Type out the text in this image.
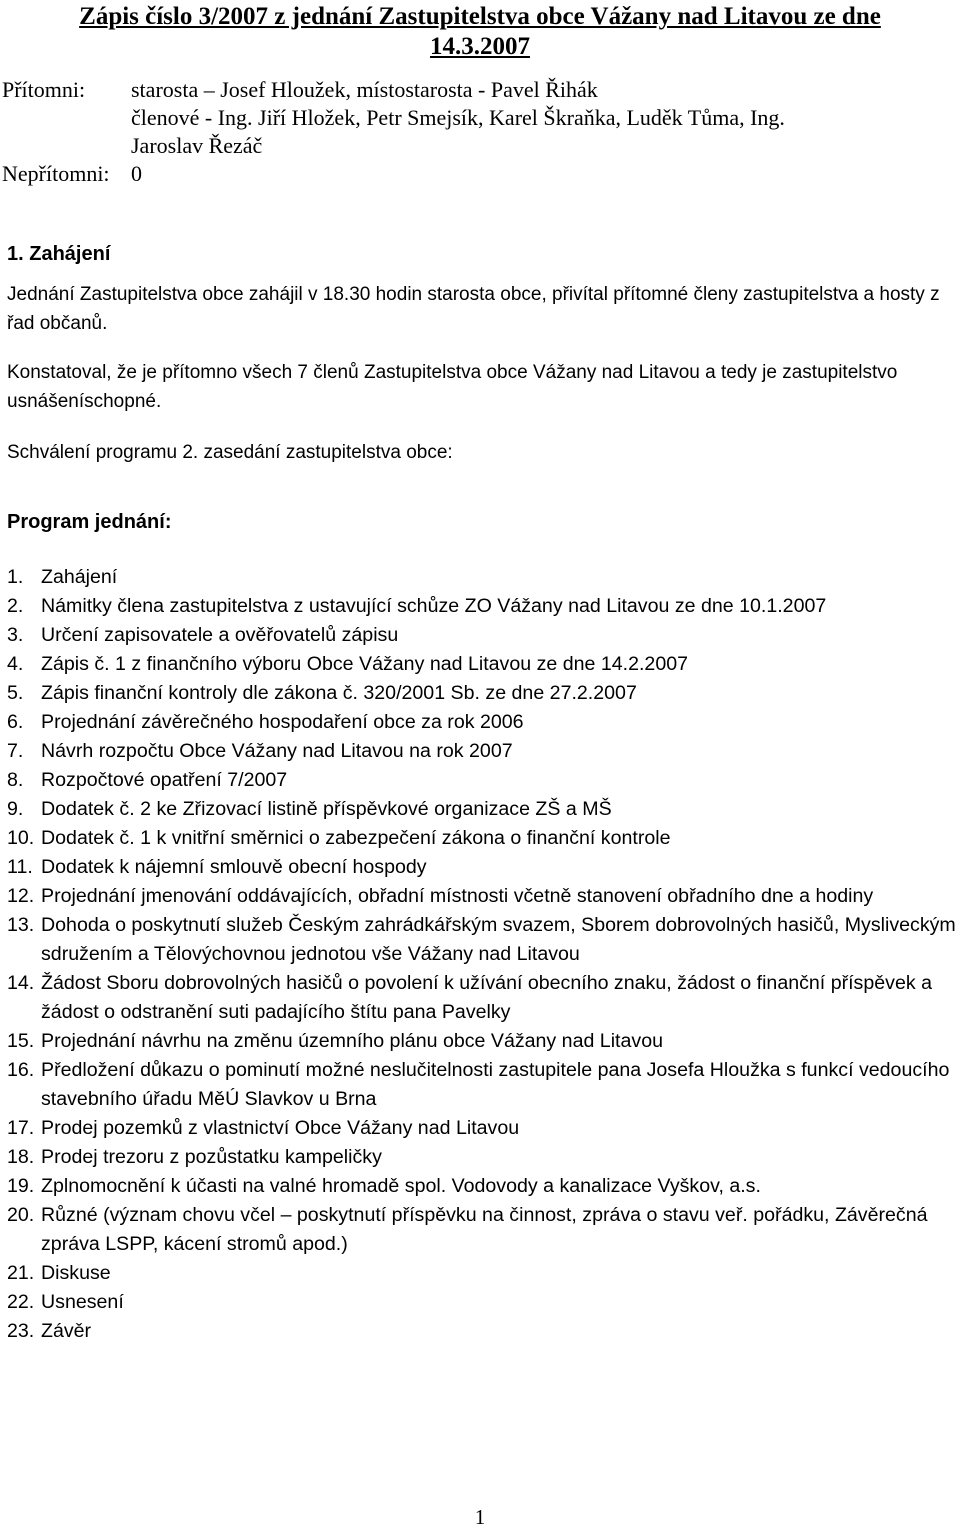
Zápis číslo 3/2007 z jednání Zastupitelstva obce Vážany nad Litavou ze dne
14.3.2007
Přítomni: starosta – Josef Hloužek, místostarosta - Pavel Řihák
členové - Ing. Jiří Hložek, Petr Smejsík, Karel Škraňka, Luděk Tůma, Ing.
Jaroslav Řezáč
Nepřítomni: 0
1. Zahájení

Jednání Zastupitelstva obce zahájil v 18.30 hodin starosta obce, přivítal přítomné členy zastupitelstva a hosty z řad občanů.

Konstatoval, že je přítomno všech 7 členů Zastupitelstva obce Vážany nad Litavou a tedy je zastupitelstvo usnášeníschopné.

Schválení programu 2. zasedání zastupitelstva obce:

Program jednání:
1. Zahájení
2. Námitky člena zastupitelstva z ustavující schůze ZO Vážany nad Litavou ze dne 10.1.2007
3. Určení zapisovatele a ověřovatelů zápisu
4. Zápis č. 1 z finančního výboru Obce Vážany nad Litavou ze dne 14.2.2007
5. Zápis finanční kontroly dle zákona č. 320/2001 Sb. ze dne 27.2.2007
6. Projednání závěrečného hospodaření obce za rok 2006
7. Návrh rozpočtu Obce Vážany nad Litavou na rok 2007
8. Rozpočtové opatření 7/2007
9. Dodatek č. 2 ke Zřizovací listině příspěvkové organizace ZŠ a MŠ
10. Dodatek č. 1 k vnitřní směrnici o zabezpečení zákona o finanční kontrole
11. Dodatek k nájemní smlouvě obecní hospody
12. Projednání jmenování oddávajících, obřadní místnosti včetně stanovení obřadního dne a hodiny
13. Dohoda o poskytnutí služeb Českým zahrádkářským svazem, Sborem dobrovolných hasičů, Mysliveckým sdružením a Tělovýchovnou jednotou vše Vážany nad Litavou
14. Žádost Sboru dobrovolných hasičů o povolení k užívání obecního znaku, žádost o finanční příspěvek a žádost o odstranění suti padajícího štítu pana Pavelky
15. Projednání návrhu na změnu územního plánu obce Vážany nad Litavou
16. Předložení důkazu o pominutí možné neslučitelnosti zastupitele pana Josefa Hloužka s funkcí vedoucího stavebního úřadu MěÚ Slavkov u Brna
17. Prodej pozemků z vlastnictví Obce Vážany nad Litavou
18. Prodej trezoru z pozůstatku kampeličky
19. Zplnomocnění k účasti na valné hromadě spol. Vodovody a kanalizace Vyškov, a.s.
20. Různé (význam chovu včel – poskytnutí příspěvku na činnost, zpráva o stavu veř. pořádku, Závěrečná zpráva LSPP, kácení stromů apod.)
21. Diskuse
22. Usnesení
23. Závěr
1
